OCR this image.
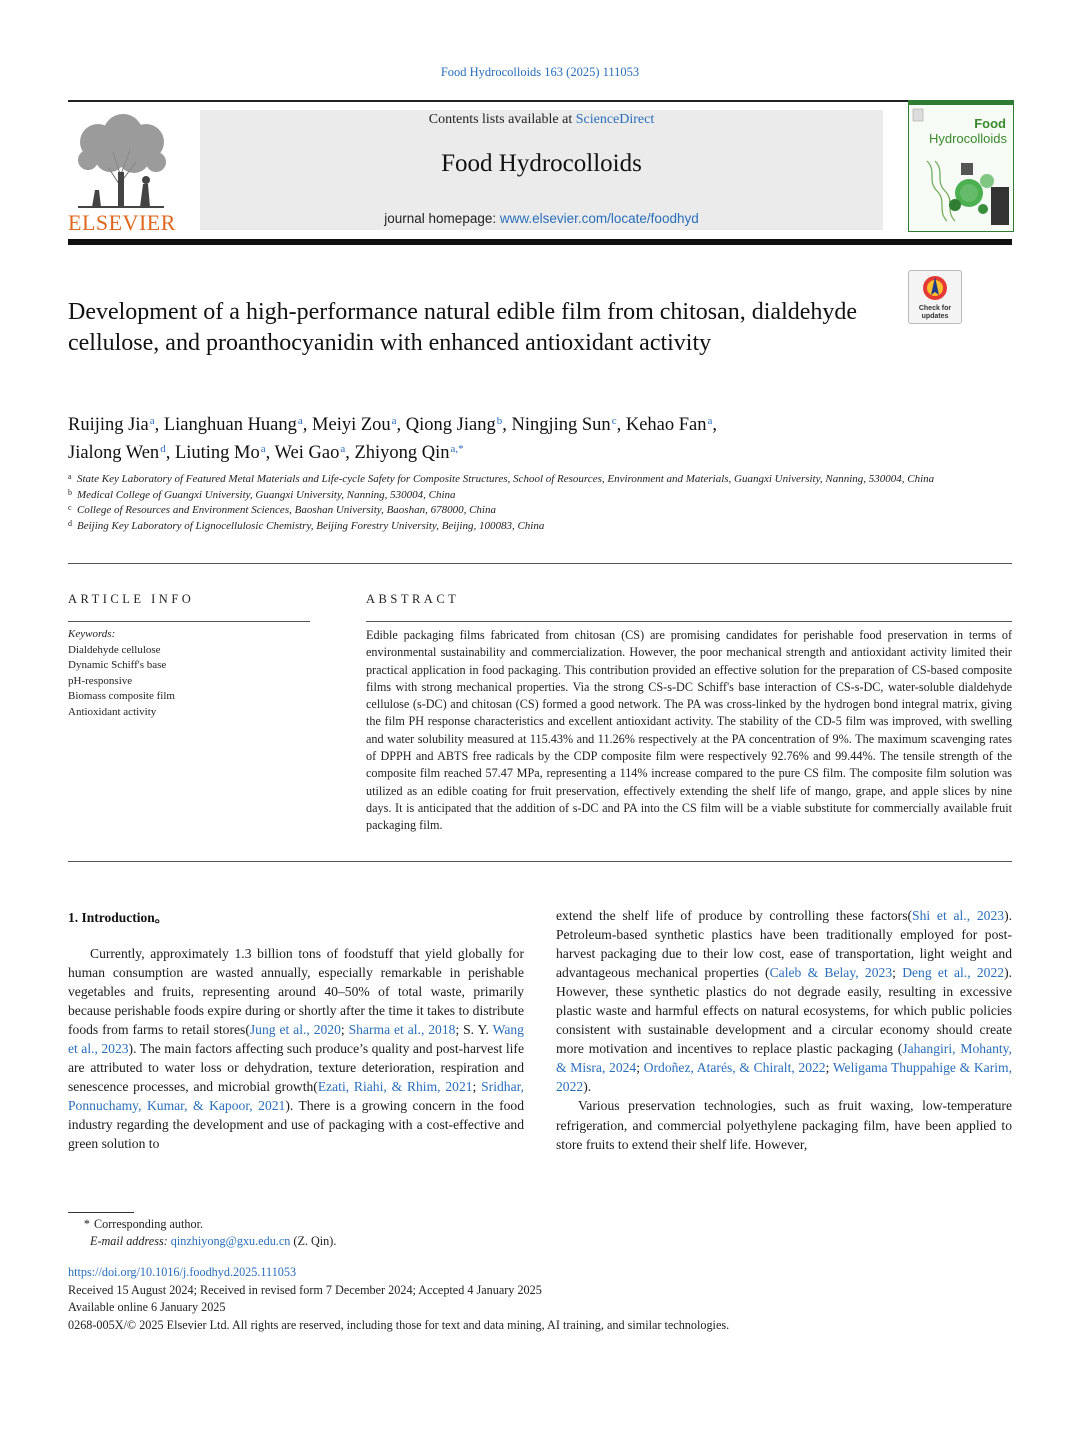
Food Hydrocolloids 163 (2025) 111053
ELSEVIER
Contents lists available at ScienceDirect
Food Hydrocolloids
journal homepage: www.elsevier.com/locate/foodhyd
Food
Hydrocolloids
Check for updates
Development of a high-performance natural edible film from chitosan, dialdehyde cellulose, and proanthocyanidin with enhanced antioxidant activity
Ruijing Jia$^a$, Lianghuan Huang$^a$, Meiyi Zou$^a$, Qiong Jiang$^b$, Ningjing Sun$^c$, Kehao Fan$^a$,
Jialong Wen$^d$, Liuting Mo$^a$, Wei Gao$^a$, Zhiyong Qin$^{a,*}$
a State Key Laboratory of Featured Metal Materials and Life-cycle Safety for Composite Structures, School of Resources, Environment and Materials, Guangxi University, Nanning, 530004, China
b Medical College of Guangxi University, Guangxi University, Nanning, 530004, China
c College of Resources and Environment Sciences, Baoshan University, Baoshan, 678000, China
d Beijing Key Laboratory of Lignocellulosic Chemistry, Beijing Forestry University, Beijing, 100083, China
ARTICLE INFO	ABSTRACT
Keywords:
Dialdehyde cellulose
Dynamic Schiff's base
pH-responsive
Biomass composite film
Antioxidant activity

Edible packaging films fabricated from chitosan (CS) are promising candidates for perishable food preservation in terms of environmental sustainability and commercialization. However, the poor mechanical strength and antioxidant activity limited their practical application in food packaging. This contribution provided an effective solution for the preparation of CS-based composite films with strong mechanical properties. Via the strong CS-s-DC Schiff's base interaction of CS-s-DC, water-soluble dialdehyde cellulose (s-DC) and chitosan (CS) formed a good network. The PA was cross-linked by the hydrogen bond integral matrix, giving the film PH response characteristics and excellent antioxidant activity. The stability of the CD-5 film was improved, with swelling and water solubility measured at 115.43% and 11.26% respectively at the PA concentration of 9%. The maximum scavenging rates of DPPH and ABTS free radicals by the CDP composite film were respectively 92.76% and 99.44%. The tensile strength of the composite film reached 57.47 MPa, representing a 114% increase compared to the pure CS film. The composite film solution was utilized as an edible coating for fruit preservation, effectively extending the shelf life of mango, grape, and apple slices by nine days. It is anticipated that the addition of s-DC and PA into the CS film will be a viable substitute for commercially available fruit packaging film.

1. Introduction。

Currently, approximately 1.3 billion tons of foodstuff that yield globally for human consumption are wasted annually, especially remarkable in perishable vegetables and fruits, representing around 40–50% of total waste, primarily because perishable foods expire during or shortly after the time it takes to distribute foods from farms to retail stores(Jung et al., 2020; Sharma et al., 2018; S. Y. Wang et al., 2023). The main factors affecting such produce’s quality and post-harvest life are attributed to water loss or dehydration, texture deterioration, respiration and senescence processes, and microbial growth(Ezati, Riahi, & Rhim, 2021; Sridhar, Ponnuchamy, Kumar, & Kapoor, 2021). There is a growing concern in the food industry regarding the development and use of packaging with a cost-effective and green solution to

extend the shelf life of produce by controlling these factors(Shi et al., 2023). Petroleum-based synthetic plastics have been traditionally employed for post-harvest packaging due to their low cost, ease of transportation, light weight and advantageous mechanical properties (Caleb & Belay, 2023; Deng et al., 2022). However, these synthetic plastics do not degrade easily, resulting in excessive plastic waste and harmful effects on natural ecosystems, for which public policies consistent with sustainable development and a circular economy should create more motivation and incentives to replace plastic packaging (Jahangiri, Mohanty, & Misra, 2024; Ordoñez, Atarés, & Chiralt, 2022; Weligama Thuppahige & Karim, 2022).

Various preservation technologies, such as fruit waxing, low-temperature refrigeration, and commercial polyethylene packaging film, have been applied to store fruits to extend their shelf life. However,

* Corresponding author.
E-mail address: qinzhiyong@gxu.edu.cn (Z. Qin).
https://doi.org/10.1016/j.foodhyd.2025.111053
Received 15 August 2024; Received in revised form 7 December 2024; Accepted 4 January 2025
Available online 6 January 2025
0268-005X/© 2025 Elsevier Ltd. All rights are reserved, including those for text and data mining, AI training, and similar technologies.
